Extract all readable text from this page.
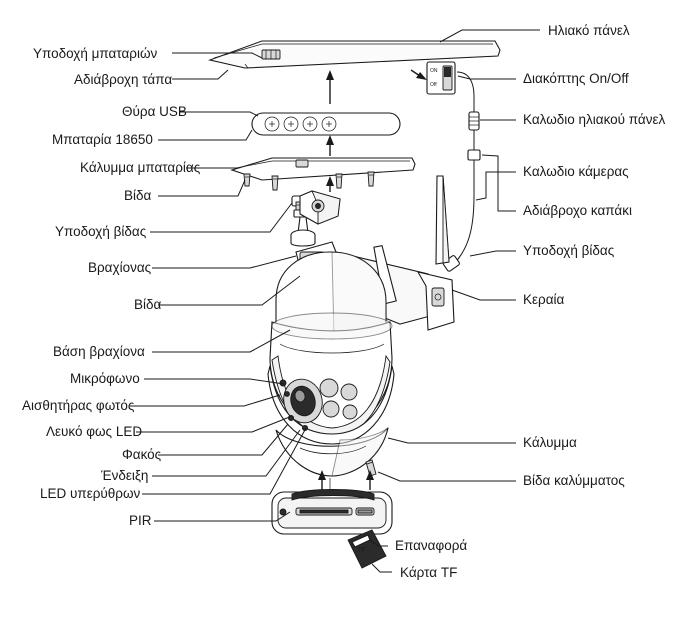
ON
Off
TF
Υποδοχή μπαταριών
Αδιάβροχη τάπα
Θύρα USB
Μπαταρία 18650
Κάλυμμα μπαταρίας
Βίδα
Υποδοχή βίδας
Βραχίονας
Βίδα
Βάση βραχίονα
Μικρόφωνο
Αισθητήρας φωτός
Λευκό φως LED
Φακός
Ένδειξη
LED υπερύθρων
PIR
Ηλιακό πάνελ
Διακόπτης On/Off
Καλωδιο ηλιακού πάνελ
Καλωδιο κάμερας
Αδιάβροχο καπάκι
Υποδοχή βίδας
Κεραία
Κάλυμμα
Βίδα καλύμματος
Επαναφορά
Κάρτα TF
